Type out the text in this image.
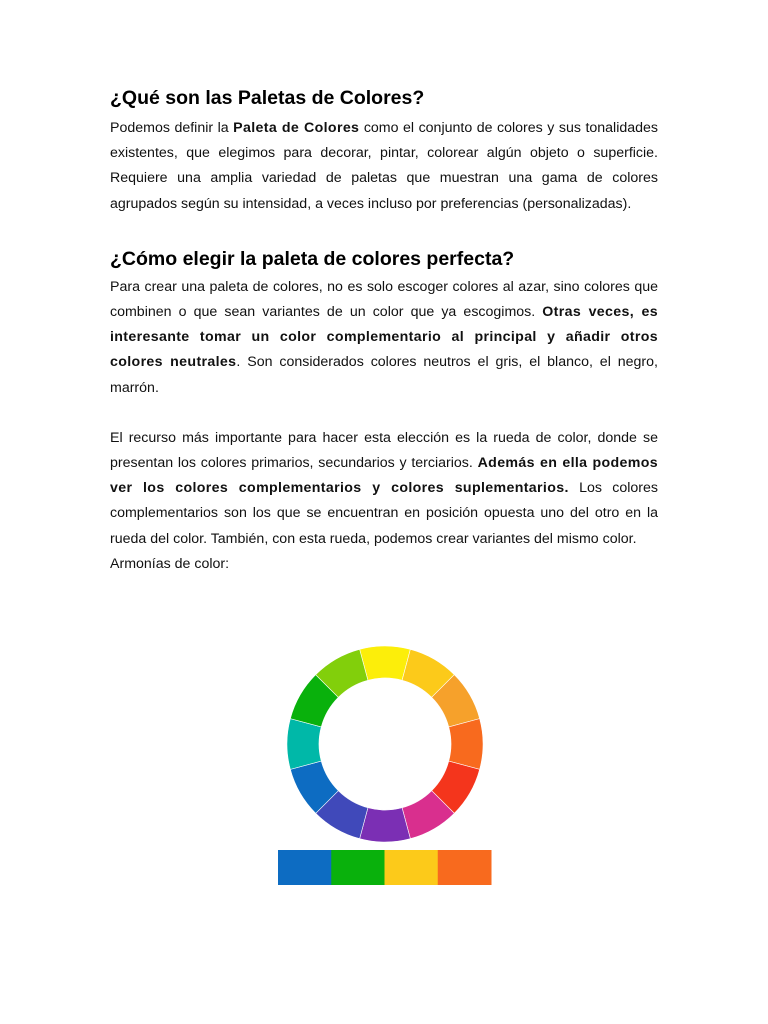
¿Qué son las Paletas de Colores?

Podemos definir la Paleta de Colores como el conjunto de colores y sus tonalidades existentes, que elegimos para decorar, pintar, colorear algún objeto o superficie. Requiere una amplia variedad de paletas que muestran una gama de colores agrupados según su intensidad, a veces incluso por preferencias (personalizadas).

¿Cómo elegir la paleta de colores perfecta?

Para crear una paleta de colores, no es solo escoger colores al azar, sino colores que combinen o que sean variantes de un color que ya escogimos. Otras veces, es interesante tomar un color complementario al principal y añadir otros colores neutrales. Son considerados colores neutros el gris, el blanco, el negro, marrón.

El recurso más importante para hacer esta elección es la rueda de color, donde se presentan los colores primarios, secundarios y terciarios. Además en ella podemos ver los colores complementarios y colores suplementarios. Los colores complementarios son los que se encuentran en posición opuesta uno del otro en la rueda del color. También, con esta rueda, podemos crear variantes del mismo color.

Armonías de color:
